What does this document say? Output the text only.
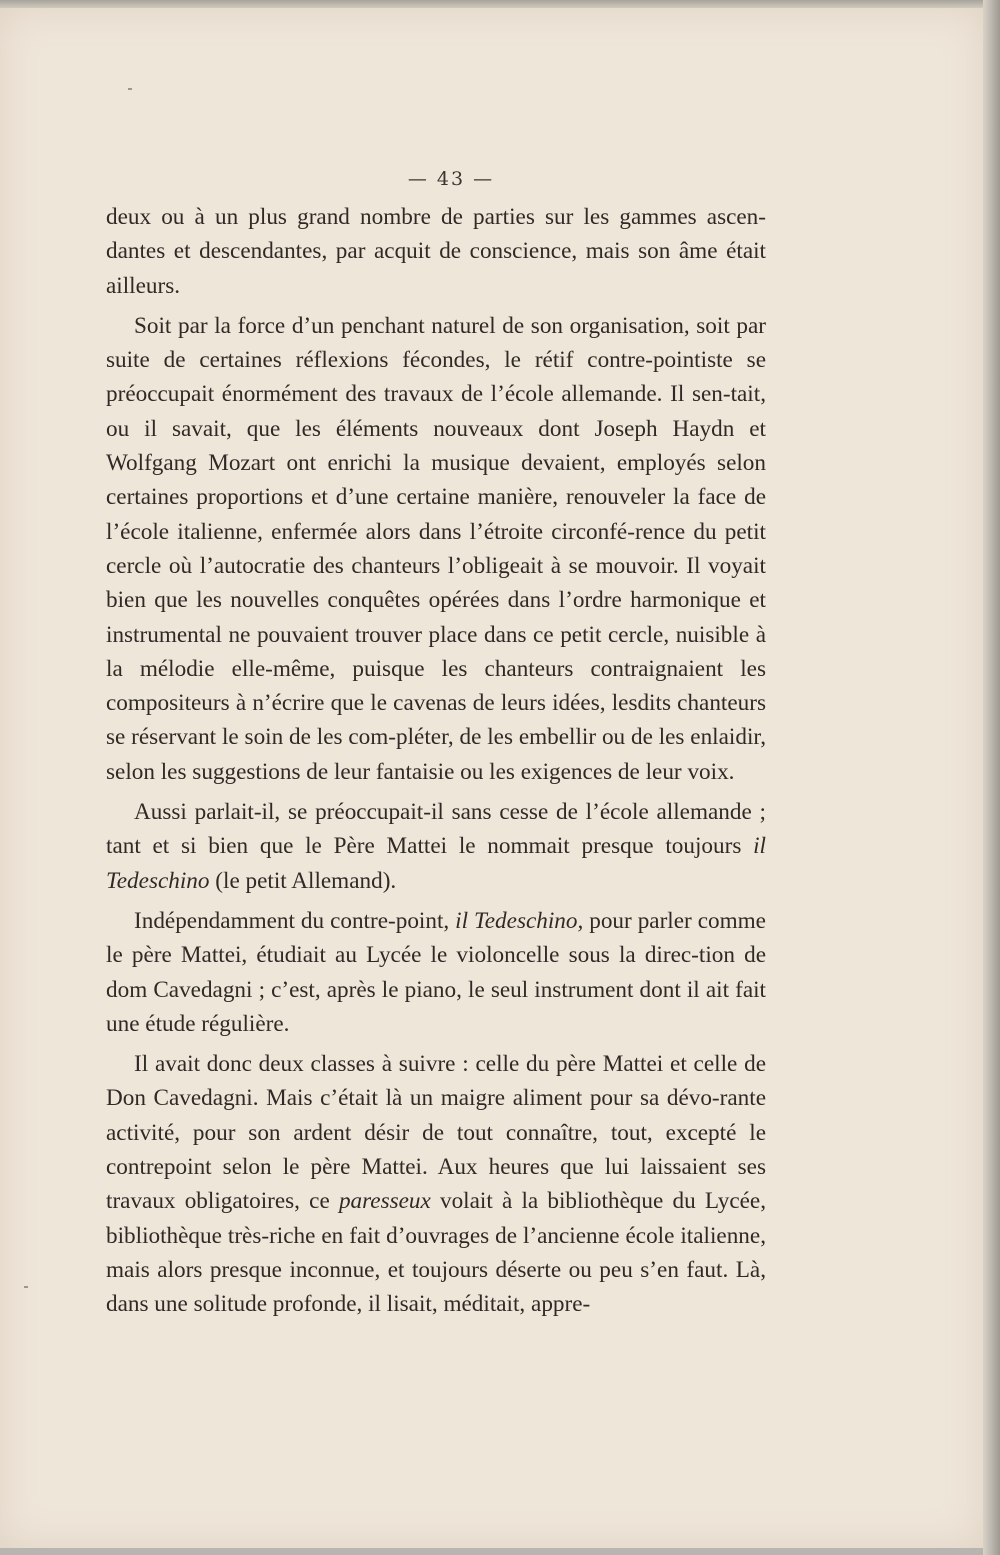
— 43 —

deux ou à un plus grand nombre de parties sur les gammes ascen-dantes et descendantes, par acquit de conscience, mais son âme était ailleurs.

Soit par la force d’un penchant naturel de son organisation, soit par suite de certaines réflexions fécondes, le rétif contre-pointiste se préoccupait énormément des travaux de l’école allemande. Il sen-tait, ou il savait, que les éléments nouveaux dont Joseph Haydn et Wolfgang Mozart ont enrichi la musique devaient, employés selon certaines proportions et d’une certaine manière, renouveler la face de l’école italienne, enfermée alors dans l’étroite circonfé-rence du petit cercle où l’autocratie des chanteurs l’obligeait à se mouvoir. Il voyait bien que les nouvelles conquêtes opérées dans l’ordre harmonique et instrumental ne pouvaient trouver place dans ce petit cercle, nuisible à la mélodie elle-même, puisque les chanteurs contraignaient les compositeurs à n’écrire que le cavenas de leurs idées, lesdits chanteurs se réservant le soin de les com-pléter, de les embellir ou de les enlaidir, selon les suggestions de leur fantaisie ou les exigences de leur voix.

Aussi parlait-il, se préoccupait-il sans cesse de l’école allemande ; tant et si bien que le Père Mattei le nommait presque toujours il Tedeschino (le petit Allemand).

Indépendamment du contre-point, il Tedeschino, pour parler comme le père Mattei, étudiait au Lycée le violoncelle sous la direc-tion de dom Cavedagni ; c’est, après le piano, le seul instrument dont il ait fait une étude régulière.

Il avait donc deux classes à suivre : celle du père Mattei et celle de Don Cavedagni. Mais c’était là un maigre aliment pour sa dévo-rante activité, pour son ardent désir de tout connaître, tout, excepté le contrepoint selon le père Mattei. Aux heures que lui laissaient ses travaux obligatoires, ce paresseux volait à la bibliothèque du Lycée, bibliothèque très-riche en fait d’ouvrages de l’ancienne école italienne, mais alors presque inconnue, et toujours déserte ou peu s’en faut. Là, dans une solitude profonde, il lisait, méditait, appre-
